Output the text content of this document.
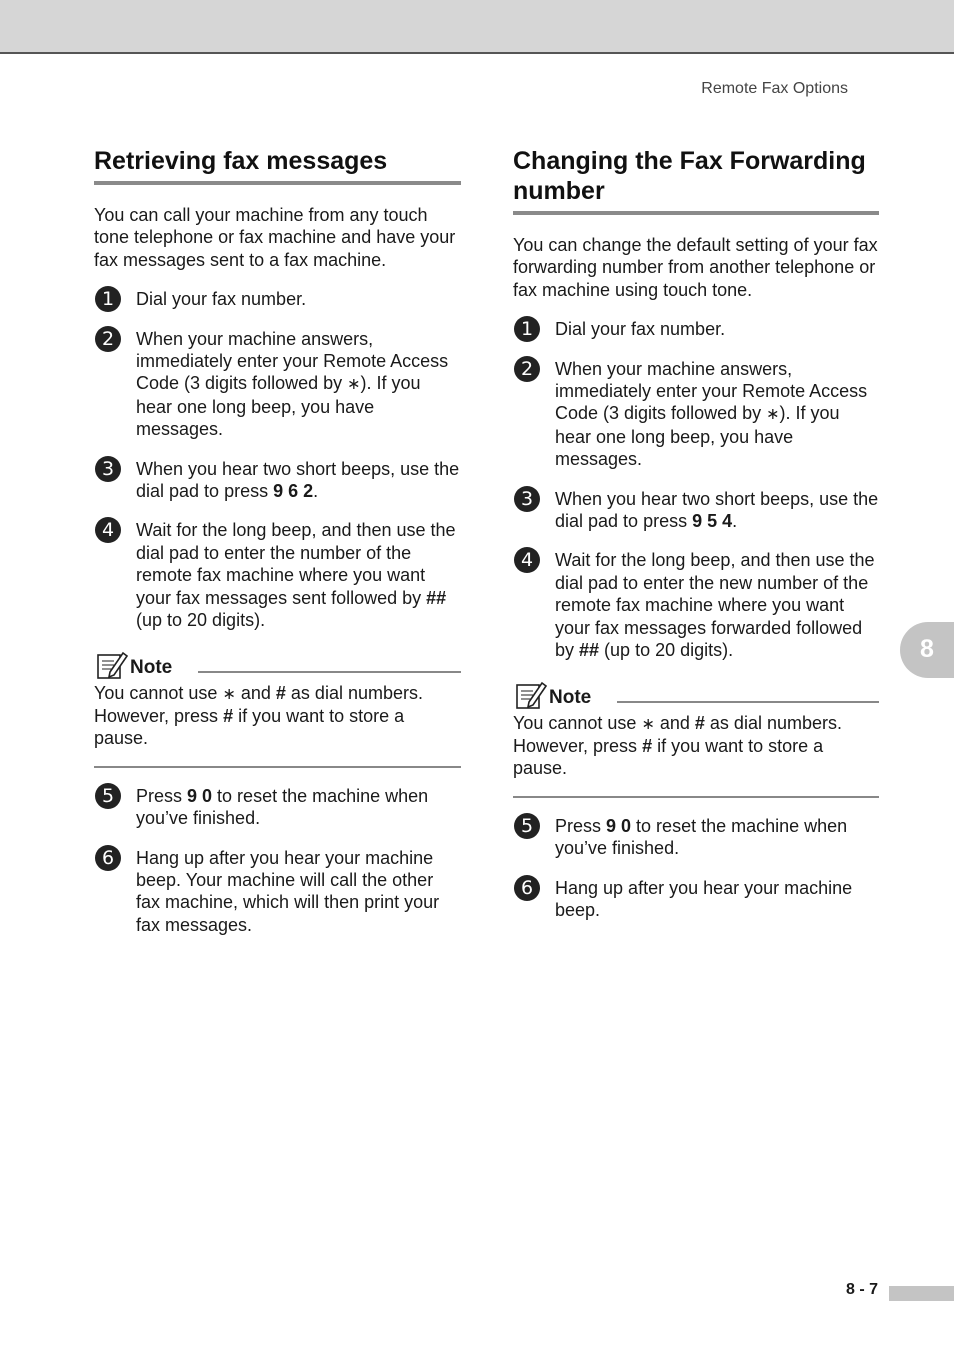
Remote Fax Options
Retrieving fax messages

You can call your machine from any touch tone telephone or fax machine and have your fax messages sent to a fax machine.

1	Dial your fax number.
2	When your machine answers, immediately enter your Remote Access Code (3 digits followed by ∗). If you hear one long beep, you have messages.
3	When you hear two short beeps, use the dial pad to press 9 6 2.
4	Wait for the long beep, and then use the dial pad to enter the number of the remote fax machine where you want your fax messages sent followed by ## (up to 20 digits).
Note
You cannot use ∗ and # as dial numbers. However, press # if you want to store a pause.
5	Press 9 0 to reset the machine when you’ve finished.
6	Hang up after you hear your machine beep. Your machine will call the other fax machine, which will then print your fax messages.
Changing the Fax Forwarding number

You can change the default setting of your fax forwarding number from another telephone or fax machine using touch tone.

1	Dial your fax number.
2	When your machine answers, immediately enter your Remote Access Code (3 digits followed by ∗). If you hear one long beep, you have messages.
3	When you hear two short beeps, use the dial pad to press 9 5 4.
4	Wait for the long beep, and then use the dial pad to enter the new number of the remote fax machine where you want your fax messages forwarded followed by ## (up to 20 digits).
Note
You cannot use ∗ and # as dial numbers. However, press # if you want to store a pause.
5	Press 9 0 to reset the machine when you’ve finished.
6	Hang up after you hear your machine beep.
8
8 - 7
